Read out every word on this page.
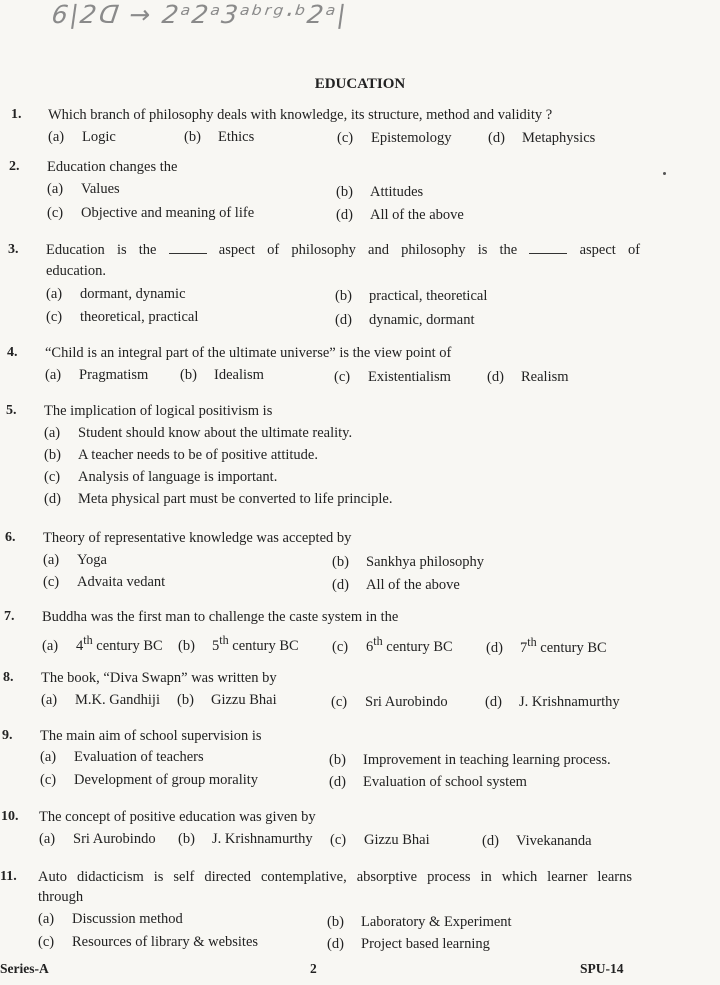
6|2ᗡ → 2ᵃ2ᵃ3ᵃᵇʳᵍ·ᵇ2ᵃ|
EDUCATION
1. Which branch of philosophy deals with knowledge, its structure, method and validity ?
(a) Logic	(b) Ethics	(c) Epistemology	(d) Metaphysics
2. Education changes the
(a) Values	(b) Attitudes
(c) Objective and meaning of life	(d) All of the above
3. Education is the	aspect of philosophy and philosophy is the	aspect of
education.
(a) dormant, dynamic	(b) practical, theoretical
(c) theoretical, practical	(d) dynamic, dormant
4. “Child is an integral part of the ultimate universe” is the view point of
(a) Pragmatism (b) Idealism	(c) Existentialism (d) Realism
5. The implication of logical positivism is
(a) Student should know about the ultimate reality.
(b) A teacher needs to be of positive attitude.
(c) Analysis of language is important.
(d) Meta physical part must be converted to life principle.
6. Theory of representative knowledge was accepted by
(a) Yoga	(b) Sankhya philosophy
(c) Advaita vedant	(d) All of the above
7. Buddha was the first man to challenge the caste system in the
(a) 4th century BC (b) 5th century BC (c) 6th century BC (d) 7th century BC
8. The book, “Diva Swapn” was written by
(a) M.K. Gandhiji (b) Gizzu Bhai	(c) Sri Aurobindo	(d) J. Krishnamurthy
9. The main aim of school supervision is
(a) Evaluation of teachers	(b) Improvement in teaching learning process.
(c) Development of group morality	(d) Evaluation of school system
10. The concept of positive education was given by
(a) Sri Aurobindo (b) J. Krishnamurthy (c) Gizzu Bhai	(d) Vivekananda
11. Auto didacticism is self directed contemplative, absorptive process in which learner learns
through
(a) Discussion method	(b) Laboratory & Experiment
(c) Resources of library & websites	(d) Project based learning
Series-A	2	SPU-14
